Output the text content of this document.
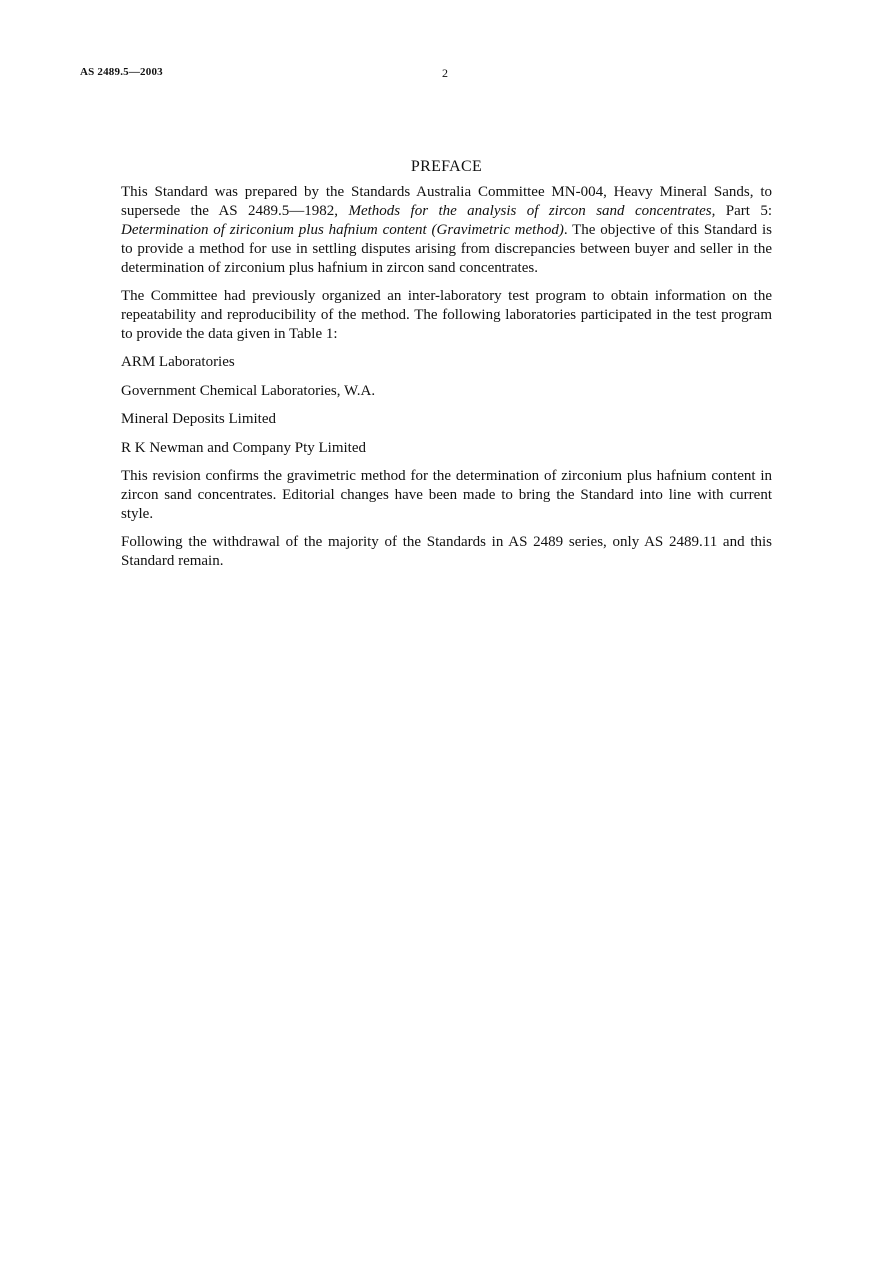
AS 2489.5—2003	2
PREFACE

This Standard was prepared by the Standards Australia Committee MN-004, Heavy Mineral Sands, to supersede the AS 2489.5—1982, Methods for the analysis of zircon sand concentrates, Part 5: Determination of ziriconium plus hafnium content (Gravimetric method). The objective of this Standard is to provide a method for use in settling disputes arising from discrepancies between buyer and seller in the determination of zirconium plus hafnium in zircon sand concentrates.

The Committee had previously organized an inter-laboratory test program to obtain information on the repeatability and reproducibility of the method. The following laboratories participated in the test program to provide the data given in Table 1:

ARM Laboratories

Government Chemical Laboratories, W.A.

Mineral Deposits Limited

R K Newman and Company Pty Limited

This revision confirms the gravimetric method for the determination of zirconium plus hafnium content in zircon sand concentrates. Editorial changes have been made to bring the Standard into line with current style.

Following the withdrawal of the majority of the Standards in AS 2489 series, only AS 2489.11 and this Standard remain.
